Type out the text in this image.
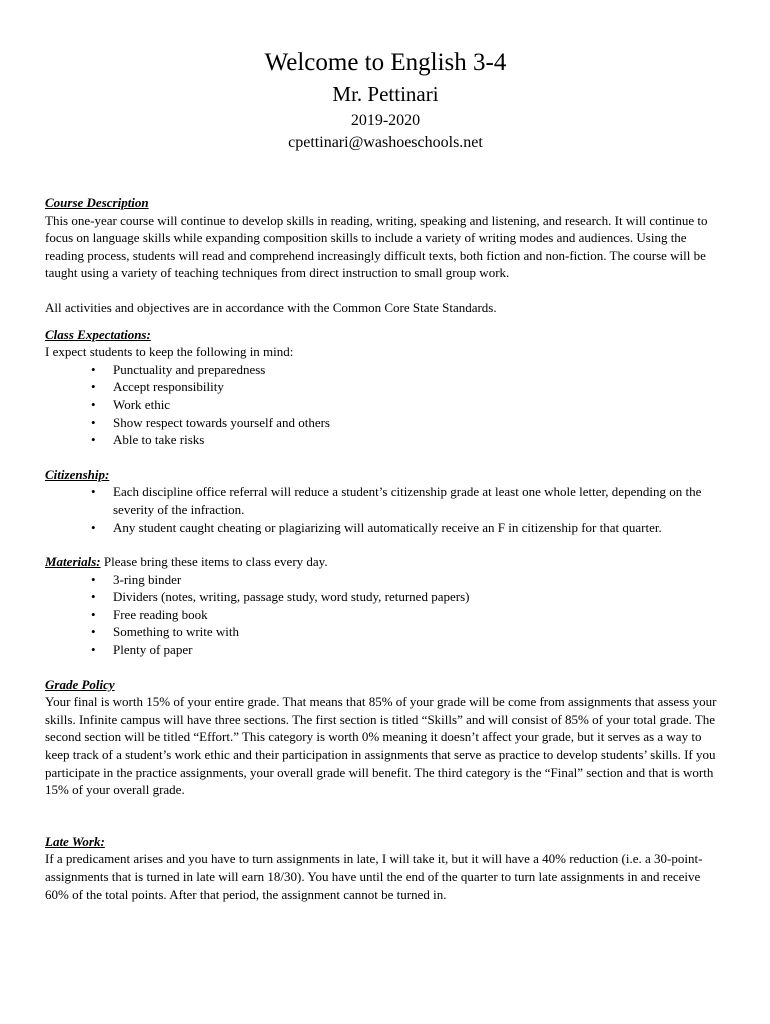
Welcome to English 3-4

Mr. Pettinari

2019-2020

cpettinari@washoeschools.net

Course Description

This one-year course will continue to develop skills in reading, writing, speaking and listening, and research. It will continue to focus on language skills while expanding composition skills to include a variety of writing modes and audiences. Using the reading process, students will read and comprehend increasingly difficult texts, both fiction and non-fiction. The course will be taught using a variety of teaching techniques from direct instruction to small group work.

All activities and objectives are in accordance with the Common Core State Standards.

Class Expectations:

I expect students to keep the following in mind:

• Punctuality and preparedness
• Accept responsibility
• Work ethic
• Show respect towards yourself and others
• Able to take risks

Citizenship:

• Each discipline office referral will reduce a student’s citizenship grade at least one whole letter, depending on the severity of the infraction.
• Any student caught cheating or plagiarizing will automatically receive an F in citizenship for that quarter.

Materials: Please bring these items to class every day.

• 3-ring binder
• Dividers (notes, writing, passage study, word study, returned papers)
• Free reading book
• Something to write with
• Plenty of paper

Grade Policy

Your final is worth 15% of your entire grade. That means that 85% of your grade will be come from assignments that assess your skills. Infinite campus will have three sections. The first section is titled “Skills” and will consist of 85% of your total grade. The second section will be titled “Effort.” This category is worth 0% meaning it doesn’t affect your grade, but it serves as a way to keep track of a student’s work ethic and their participation in assignments that serve as practice to develop students’ skills. If you participate in the practice assignments, your overall grade will benefit. The third category is the “Final” section and that is worth 15% of your overall grade.

Late Work:

If a predicament arises and you have to turn assignments in late, I will take it, but it will have a 40% reduction (i.e. a 30-point-assignments that is turned in late will earn 18/30). You have until the end of the quarter to turn late assignments in and receive 60% of the total points. After that period, the assignment cannot be turned in.
